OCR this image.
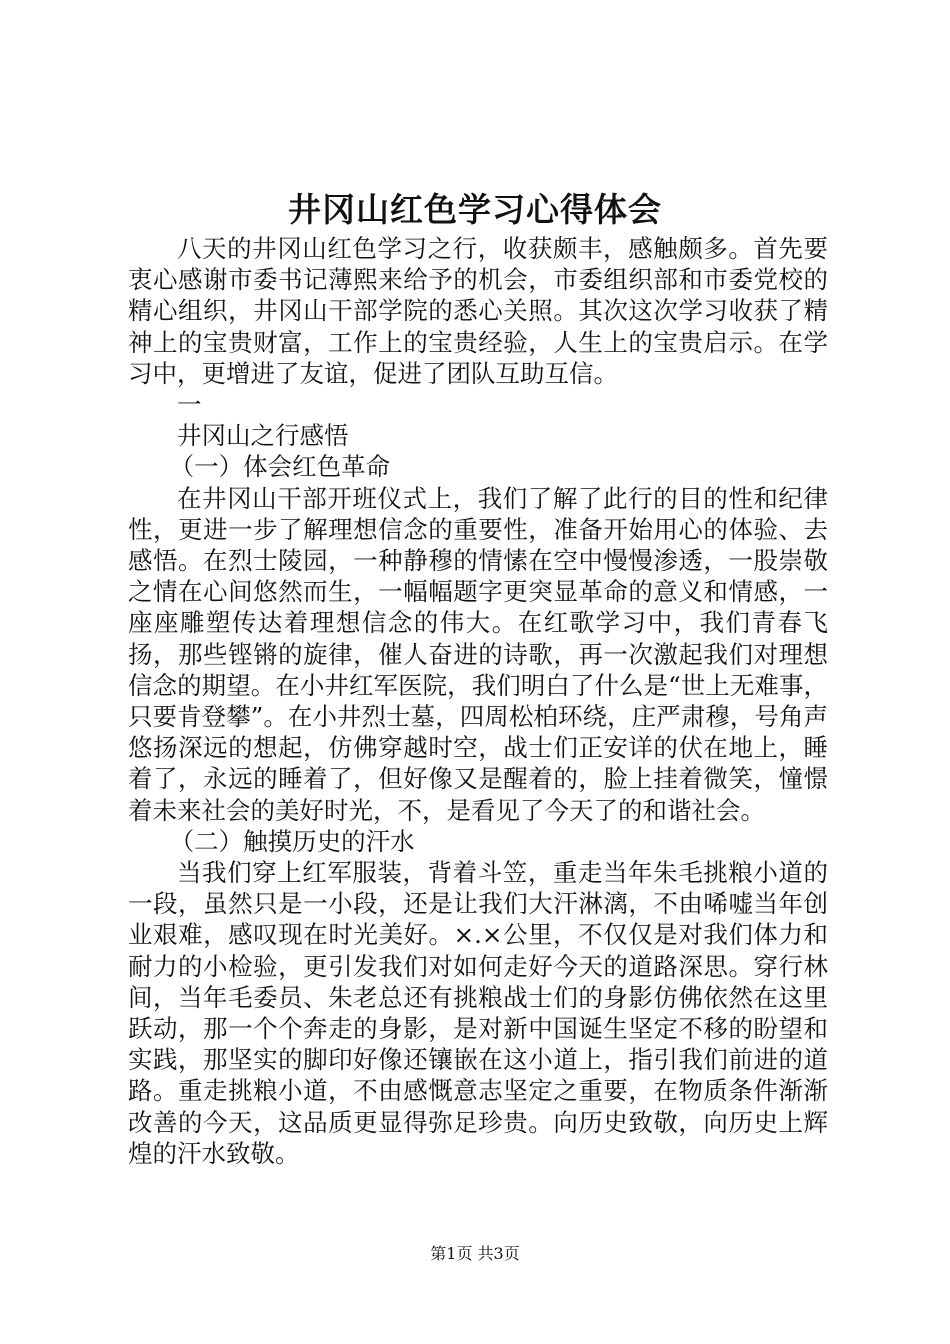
井冈山红色学习心得体会

八天的井冈山红色学习之行，收获颇丰，感触颇多。首先要衷心感谢市委书记薄熙来给予的机会，市委组织部和市委党校的精心组织，井冈山干部学院的悉心关照。其次这次学习收获了精神上的宝贵财富，工作上的宝贵经验，人生上的宝贵启示。在学习中，更增进了友谊，促进了团队互助互信。

一

井冈山之行感悟

（一）体会红色革命

在井冈山干部开班仪式上，我们了解了此行的目的性和纪律性，更进一步了解理想信念的重要性，准备开始用心的体验、去感悟。在烈士陵园，一种静穆的情愫在空中慢慢渗透，一股崇敬之情在心间悠然而生，一幅幅题字更突显革命的意义和情感，一座座雕塑传达着理想信念的伟大。在红歌学习中，我们青春飞扬，那些铿锵的旋律，催人奋进的诗歌，再一次激起我们对理想信念的期望。在小井红军医院，我们明白了什么是“世上无难事，只要肯登攀”。在小井烈士墓，四周松柏环绕，庄严肃穆，号角声悠扬深远的想起，仿佛穿越时空，战士们正安详的伏在地上，睡着了，永远的睡着了，但好像又是醒着的，脸上挂着微笑，憧憬着未来社会的美好时光，不，是看见了今天了的和谐社会。

（二）触摸历史的汗水

当我们穿上红军服装，背着斗笠，重走当年朱毛挑粮小道的一段，虽然只是一小段，还是让我们大汗淋漓，不由唏嘘当年创业艰难，感叹现在时光美好。×.×公里，不仅仅是对我们体力和耐力的小检验，更引发我们对如何走好今天的道路深思。穿行林间，当年毛委员、朱老总还有挑粮战士们的身影仿佛依然在这里跃动，那一个个奔走的身影，是对新中国诞生坚定不移的盼望和实践，那坚实的脚印好像还镶嵌在这小道上，指引我们前进的道路。重走挑粮小道，不由感慨意志坚定之重要，在物质条件渐渐改善的今天，这品质更显得弥足珍贵。向历史致敬，向历史上辉煌的汗水致敬。

第1页 共3页
